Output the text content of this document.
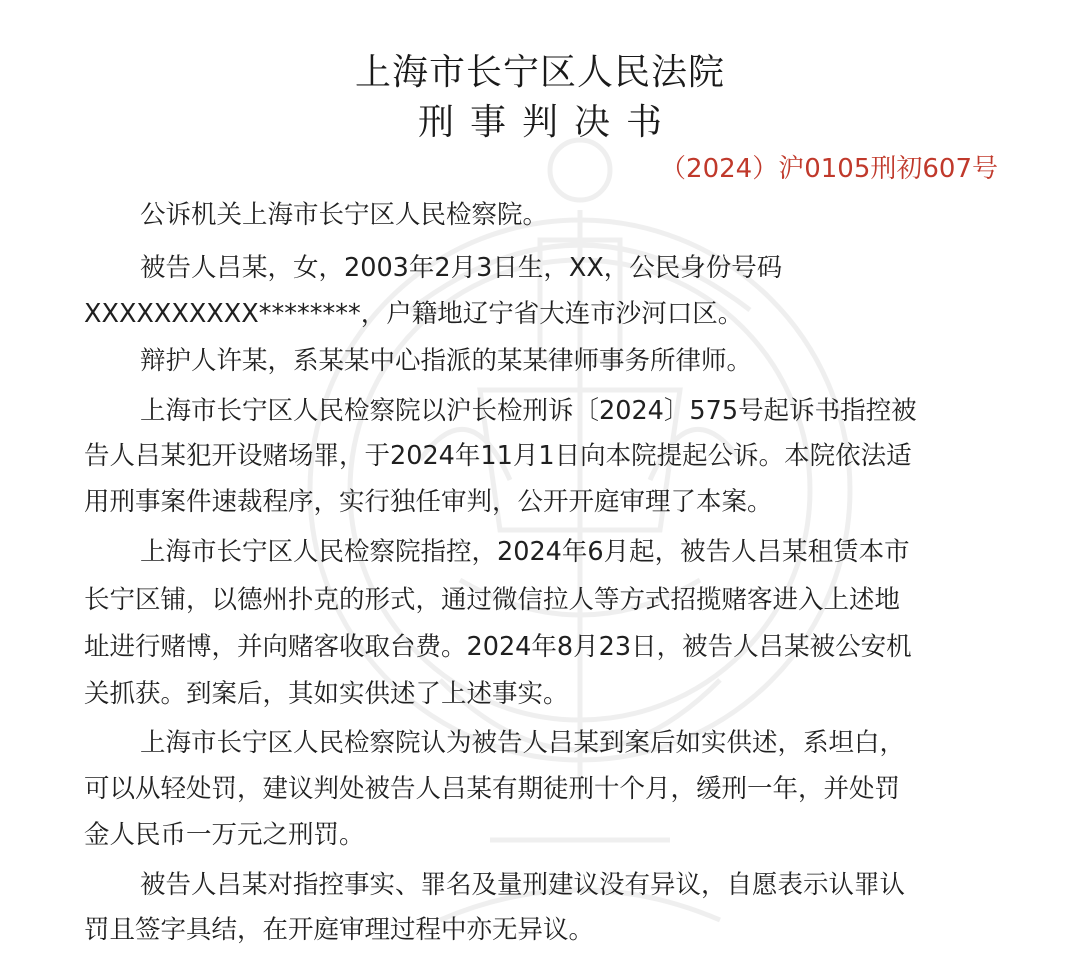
上海市长宁区人民法院
刑事判决书
（2024）沪0105刑初607号
公诉机关上海市长宁区人民检察院。
被告人吕某，女，2003年2月3日生，XX，公民身份号码
XXXXXXXXXX********，户籍地辽宁省大连市沙河口区。
辩护人许某，系某某中心指派的某某律师事务所律师。
上海市长宁区人民检察院以沪长检刑诉〔2024〕575号起诉书指控被
告人吕某犯开设赌场罪，于2024年11月1日向本院提起公诉。本院依法适
用刑事案件速裁程序，实行独任审判，公开开庭审理了本案。
上海市长宁区人民检察院指控，2024年6月起，被告人吕某租赁本市
长宁区铺，以德州扑克的形式，通过微信拉人等方式招揽赌客进入上述地
址进行赌博，并向赌客收取台费。2024年8月23日，被告人吕某被公安机
关抓获。到案后，其如实供述了上述事实。
上海市长宁区人民检察院认为被告人吕某到案后如实供述，系坦白，
可以从轻处罚，建议判处被告人吕某有期徒刑十个月，缓刑一年，并处罚
金人民币一万元之刑罚。
被告人吕某对指控事实、罪名及量刑建议没有异议，自愿表示认罪认
罚且签字具结，在开庭审理过程中亦无异议。
